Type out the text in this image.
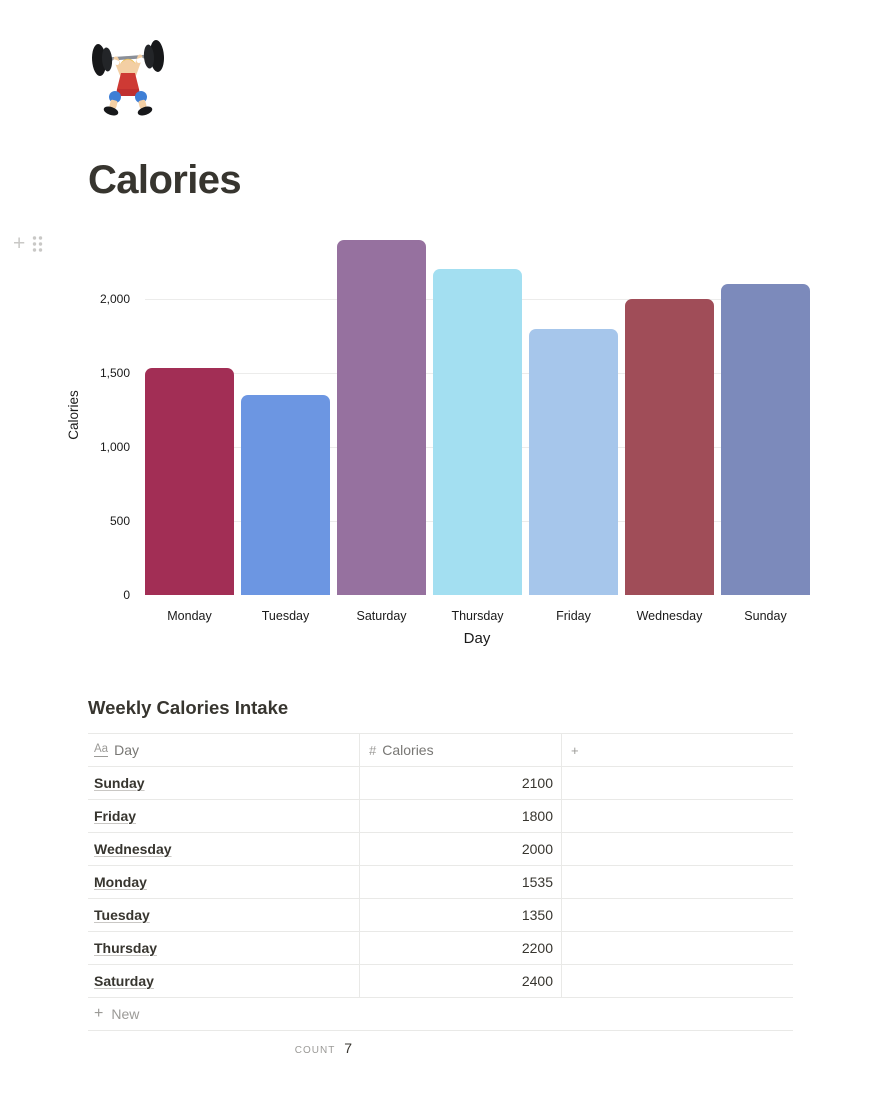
Calories
+
0
500
1,000
1,500
2,000
Monday	Tuesday	Saturday	Thursday	Friday	Wednesday	Sunday
Day
Calories
Weekly Calories Intake
Aa Day	# Calories	+
Sunday	2100
Friday	1800
Wednesday	2000
Monday	1535
Tuesday	1350
Thursday	2200
Saturday	2400
+ New
COUNT 7
